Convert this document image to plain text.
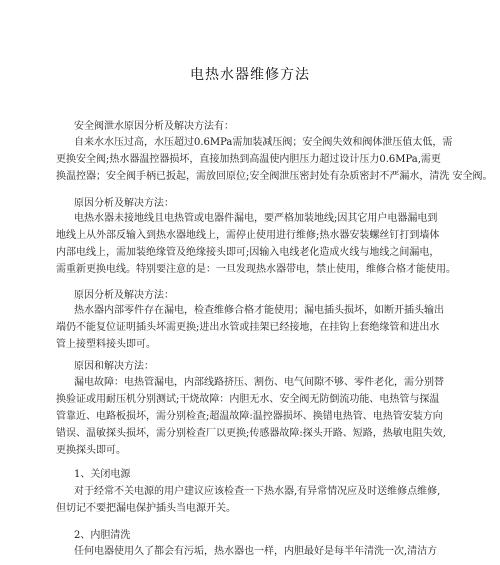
电热水器维修方法
安全阀泄水原因分析及解决方法有：
自来水水压过高，水压超过0.6MPa需加装减压阀；安全阀失效和阀体泄压值太低，需
更换安全阀;热水器温控器损坏，直接加热到高温使内胆压力超过设计压力0.6MPa,需更
换温控器；安全阀手柄已扳起，需放回原位;安全阀泄压密封处有杂质密封不严漏水，清洗 安全阀。
原因分析及解决方法：
电热水器未接地线且电热管或电器件漏电，要严格加装地线;因其它用户电器漏电到
地线上从外部反输入到热水器地线上，需停止使用进行维修;热水器安装螺丝钉打到墙体
内部电线上，需加装绝缘管及绝缘接头即可;因输入电线老化造成火线与地线之间漏电，
需重新更换电线。特别要注意的是：一旦发现热水器带电，禁止使用，维修合格才能使用。
原因分析及解决方法：
热水器内部零件存在漏电，检查维修合格才能使用；漏电插头损坏，如断开插头输出
端仍不能复位证明插头坏需更换;进出水管或挂架已经接地，在挂钩上套绝缘管和进出水
管上接塑料接头即可。
原因和解决方法：
漏电故障：电热管漏电，内部线路挤压、割伤、电气间隙不够、零件老化，需分别替
换验证或用耐压机分别测试;干烧故障：内胆无水、安全阀无防倒流功能、电热管与探温
管靠近、电路板损坏，需分别检查;超温故障:温控器损坏、换错电热管、电热管安装方向
错误、温敏探头损坏，需分别检查厂以更换;传感器故障:探头开路、短路，热敏电阻失效,
更换探头即可。
1、关闭电源
对于经常不关电源的用户建议应该检查一下热水器,有异常情况应及时送维修点维修,
但切记不要把漏电保护插头当电源开关。
2、内胆清洗
任何电器使用久了都会有污垢，热水器也一样，内胆最好是每半年清洗一次,清洁方
